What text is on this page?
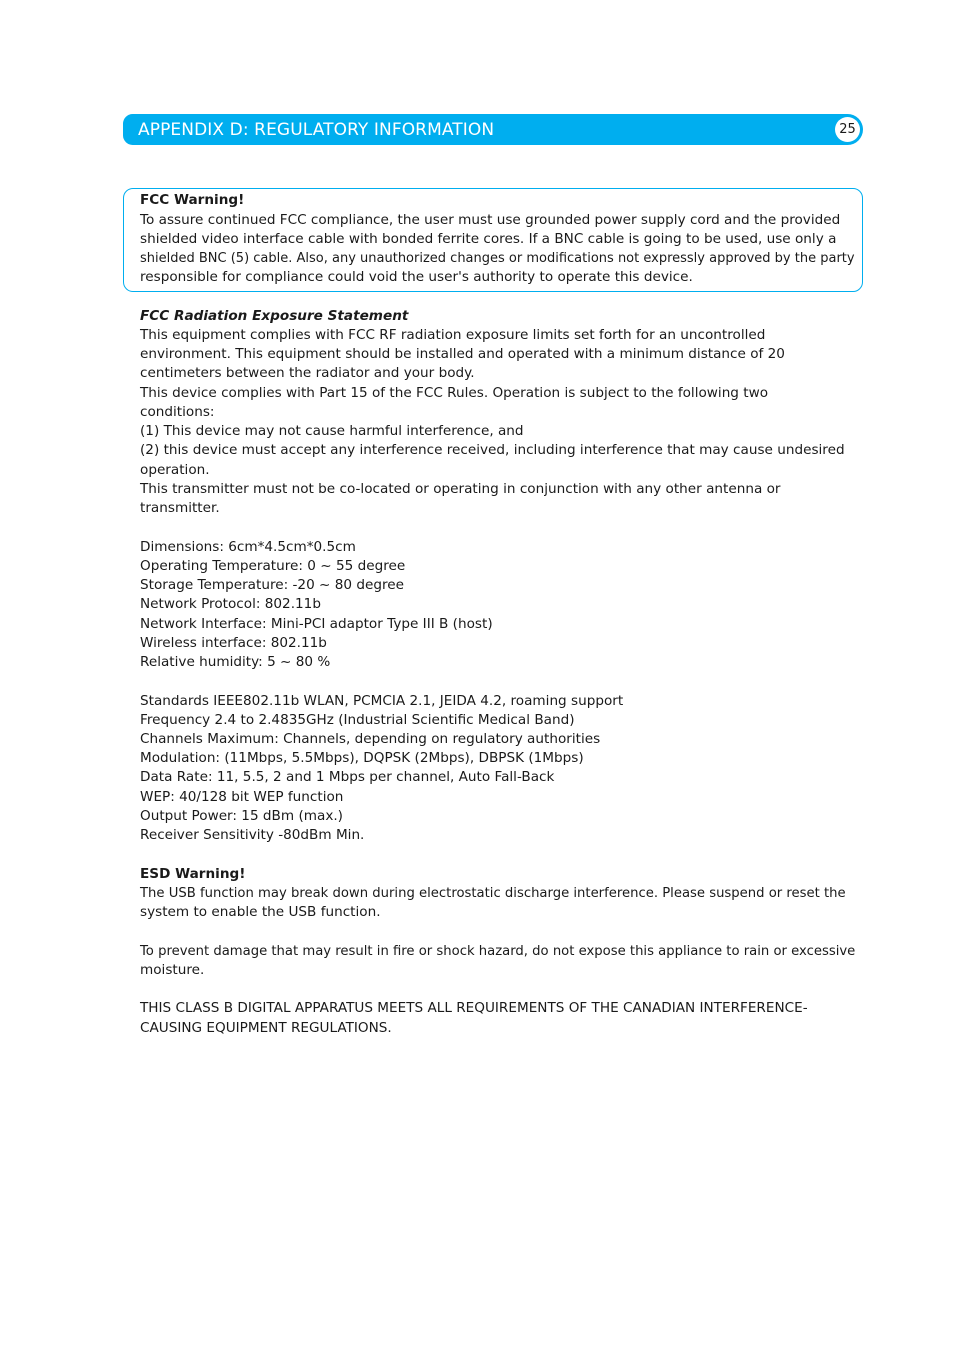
APPENDIX D: REGULATORY INFORMATION	25
FCC Warning!
To assure continued FCC compliance, the user must use grounded power supply cord and the provided
shielded video interface cable with bonded ferrite cores. If a BNC cable is going to be used, use only a
shielded BNC (5) cable. Also, any unauthorized changes or modifications not expressly approved by the party
responsible for compliance could void the user's authority to operate this device.
FCC Radiation Exposure Statement
This equipment complies with FCC RF radiation exposure limits set forth for an uncontrolled
environment. This equipment should be installed and operated with a minimum distance of 20
centimeters between the radiator and your body.
This device complies with Part 15 of the FCC Rules. Operation is subject to the following two
conditions:
(1) This device may not cause harmful interference, and
(2) this device must accept any interference received, including interference that may cause undesired
operation.
This transmitter must not be co-located or operating in conjunction with any other antenna or
transmitter.
Dimensions: 6cm*4.5cm*0.5cm
Operating Temperature: 0 ~ 55 degree
Storage Temperature: -20 ~ 80 degree
Network Protocol: 802.11b
Network Interface: Mini-PCI adaptor Type III B (host)
Wireless interface: 802.11b
Relative humidity: 5 ~ 80 %
Standards IEEE802.11b WLAN, PCMCIA 2.1, JEIDA 4.2, roaming support
Frequency 2.4 to 2.4835GHz (Industrial Scientific Medical Band)
Channels Maximum: Channels, depending on regulatory authorities
Modulation: (11Mbps, 5.5Mbps), DQPSK (2Mbps), DBPSK (1Mbps)
Data Rate: 11, 5.5, 2 and 1 Mbps per channel, Auto Fall-Back
WEP: 40/128 bit WEP function
Output Power: 15 dBm (max.)
Receiver Sensitivity -80dBm Min.
ESD Warning!
The USB function may break down during electrostatic discharge interference. Please suspend or reset the
system to enable the USB function.
To prevent damage that may result in fire or shock hazard, do not expose this appliance to rain or excessive
moisture.
THIS CLASS B DIGITAL APPARATUS MEETS ALL REQUIREMENTS OF THE CANADIAN INTERFERENCE-
CAUSING EQUIPMENT REGULATIONS.
